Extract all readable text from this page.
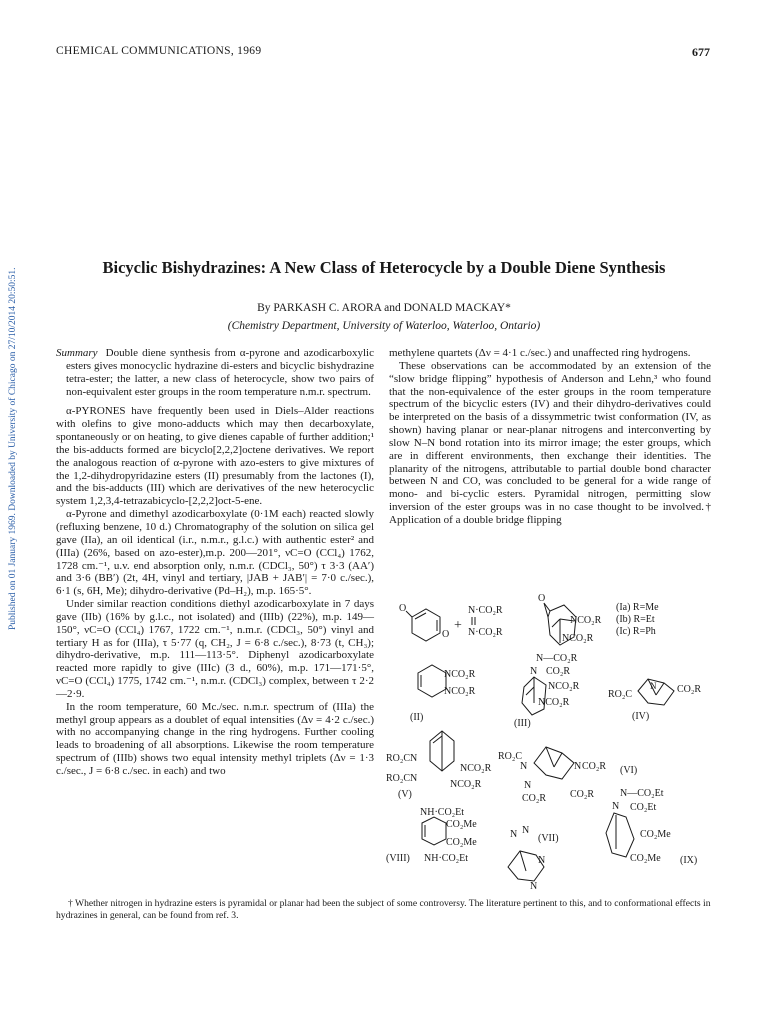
CHEMICAL COMMUNICATIONS, 1969	677
Published on 01 January 1969. Downloaded by University of Chicago on 27/10/2014 20:50:51.	Bicyclic Bishydrazines: A New Class of Heterocycle by a Double Diene Synthesis
By PARKASH C. ARORA and DONALD MACKAY*
(Chemistry Department, University of Waterloo, Waterloo, Ontario)

Summary Double diene synthesis from α-pyrone and azodicarboxylic esters gives monocyclic hydrazine di-esters and bicyclic bishydrazine tetra-ester; the latter, a new class of heterocycle, show two pairs of non-equivalent ester groups in the room temperature n.m.r. spectrum.

α-PYRONES have frequently been used in Diels–Alder reactions with olefins to give mono-adducts which may then decarboxylate, spontaneously or on heating, to give dienes capable of further addition;¹ the bis-adducts formed are bicyclo[2,2,2]octene derivatives. We report the analogous reaction of α-pyrone with azo-esters to give mixtures of the 1,2-dihydropyridazine esters (II) presumably from the lactones (I), and the bis-adducts (III) which are derivatives of the new heterocyclic system 1,2,3,4-tetrazabicyclo-[2,2,2]oct-5-ene.

α-Pyrone and dimethyl azodicarboxylate (0·1M each) reacted slowly (refluxing benzene, 10 d.) Chromatography of the solution on silica gel gave (IIa), an oil identical (i.r., n.m.r., g.l.c.) with authentic ester² and (IIIa) (26%, based on azo-ester),m.p. 200—201°, νC=O (CCl₄) 1762, 1728 cm.⁻¹, u.v. end absorption only, n.m.r. (CDCl₃, 50°) τ 3·3 (AA′) and 3·6 (BB′) (2t, 4H, vinyl and tertiary, |JAB + JAB′| = 7·0 c./sec.), 6·1 (s, 6H, Me); dihydro-derivative (Pd–H₂), m.p. 165·5°.

Under similar reaction conditions diethyl azodicarboxylate in 7 days gave (IIb) (16% by g.l.c., not isolated) and (IIIb) (22%), m.p. 149—150°, νC=O (CCl₄) 1767, 1722 cm.⁻¹, n.m.r. (CDCl₃, 50°) vinyl and tertiary H as for (IIIa), τ 5·77 (q, CH₂, J = 6·8 c./sec.), 8·73 (t, CH₃); dihydro-derivative, m.p. 111—113·5°. Diphenyl azodicarboxylate reacted more rapidly to give (IIIc) (3 d., 60%), m.p. 171—171·5°, νC=O (CCl₄) 1775, 1742 cm.⁻¹, n.m.r. (CDCl₃) complex, between τ 2·2—2·9.

In the room temperature, 60 Mc./sec. n.m.r. spectrum of (IIIa) the methyl group appears as a doublet of equal intensities (Δν = 4·2 c./sec.) with no accompanying change in the ring hydrogens. Further cooling leads to broadening of all absorptions. Likewise the room temperature spectrum of (IIIb) shows two equal intensity methyl triplets (Δν = 1·3 c./sec., J = 6·8 c./sec. in each) and two

methylene quartets (Δν = 4·1 c./sec.) and unaffected ring hydrogens.

These observations can be accommodated by an extension of the “slow bridge flipping” hypothesis of Anderson and Lehn,³ who found that the non-equivalence of the ester groups in the room temperature spectrum of the bicyclic esters (IV) and their dihydro-derivatives could be interpreted on the basis of a dissymmetric twist conformation (IV, as shown) having planar or near-planar nitrogens and interconverting by slow N–N bond rotation into its mirror image; the ester groups, which are in different environments, then exchange their identities. The planarity of the nitrogens, attributable to partial double bond character between N and CO, was concluded to be general for a wide range of mono- and bi-cyclic esters. Pyramidal nitrogen, permitting slow inversion of the ester groups was in no case thought to be involved.† Application of a double bridge flipping

O
O
+
N·CO₂R
N·CO₂R
O
NCO₂R
NCO₂R
(Ia) R=Me
(Ib) R=Et
(Ic) R=Ph
NCO₂R
NCO₂R
(II)
N—CO₂R
N CO₂R
NCO₂R
NCO₂R
(III)
RO₂C
N CO₂R
(IV)
RO₂CN
RO₂CN
NCO₂R
NCO₂R
(V)
RO₂C
N	N CO₂R
N
CO₂R CO₂R
(VI)
NH·CO₂Et
CO₂Me
CO₂Me
(VIII) NH·CO₂Et
N N
N
N
(VII)
N—CO₂Et
N CO₂Et
CO₂Me
CO₂Me (IX)

† Whether nitrogen in hydrazine esters is pyramidal or planar had been the subject of some controversy. The literature pertinent to this, and to conformational effects in hydrazines in general, can be found from ref. 3.
